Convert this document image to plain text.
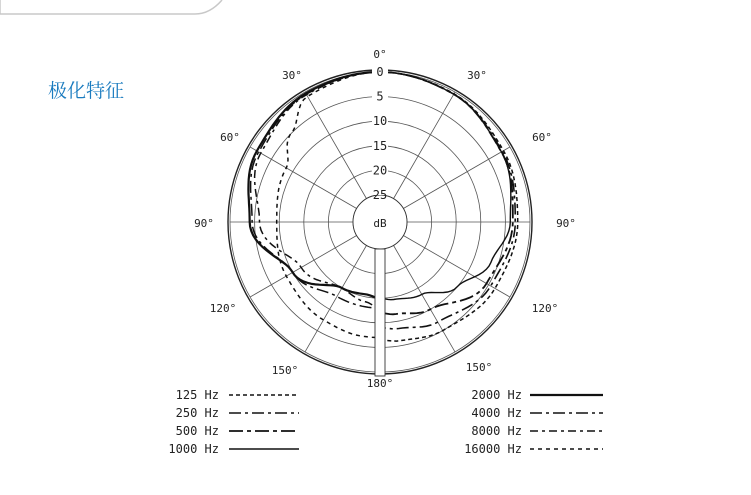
极化特征
0
5
10
15
20
25
dB
0°
30°
60°
90°
120°
150°
180°
30°
60°
90°
120°
150°
125 Hz
250 Hz
500 Hz
1000 Hz
2000 Hz
4000 Hz
8000 Hz
16000 Hz
